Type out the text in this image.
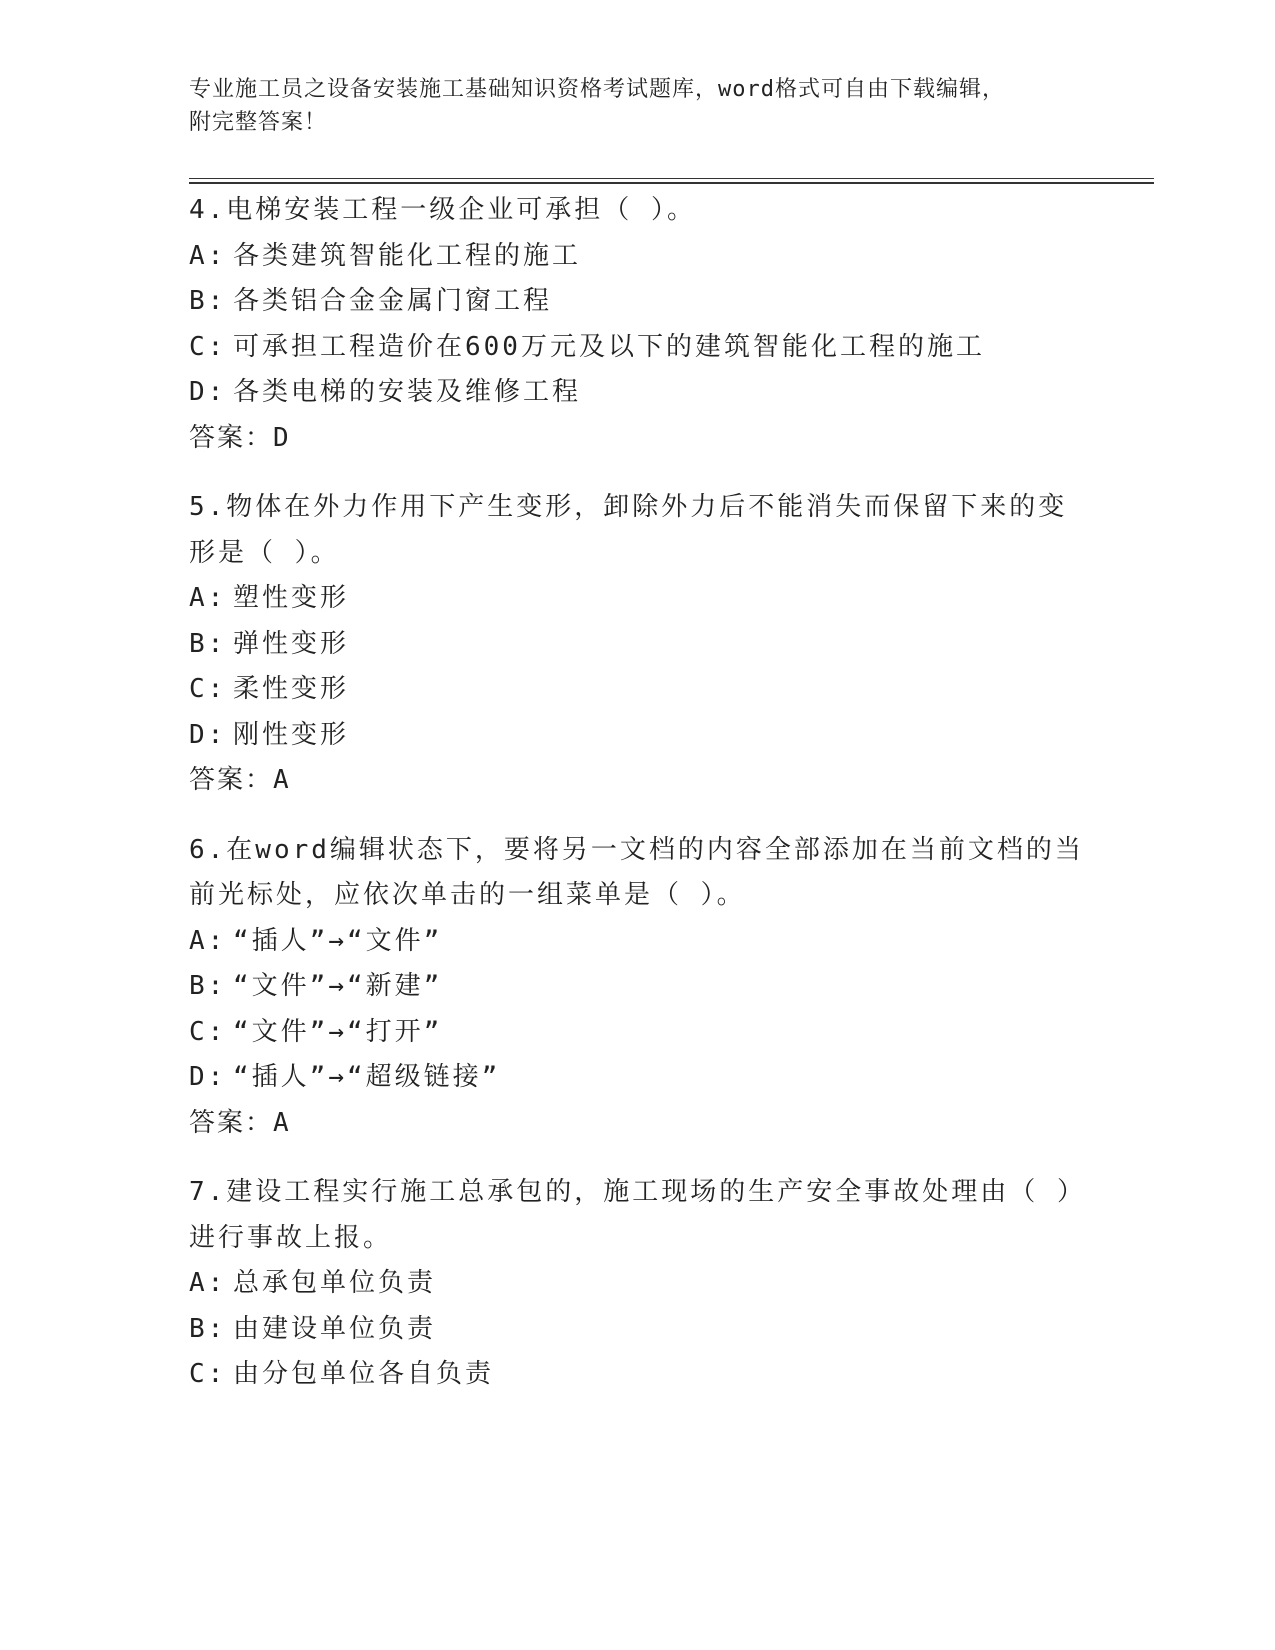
专业施工员之设备安装施工基础知识资格考试题库，word格式可自由下载编辑，
附完整答案！
4.电梯安装工程一级企业可承担（ ）。
A: 各类建筑智能化工程的施工
B: 各类铝合金金属门窗工程
C: 可承担工程造价在600万元及以下的建筑智能化工程的施工
D: 各类电梯的安装及维修工程
答案：D
5.物体在外力作用下产生变形，卸除外力后不能消失而保留下来的变
形是（ ）。
A: 塑性变形
B: 弹性变形
C: 柔性变形
D: 刚性变形
答案：A
6.在word编辑状态下，要将另一文档的内容全部添加在当前文档的当
前光标处，应依次单击的一组菜单是（ ）。
A: “插人”→“文件”
B: “文件”→“新建”
C: “文件”→“打开”
D: “插人”→“超级链接”
答案：A
7.建设工程实行施工总承包的，施工现场的生产安全事故处理由（ ）
进行事故上报。
A: 总承包单位负责
B: 由建设单位负责
C: 由分包单位各自负责
